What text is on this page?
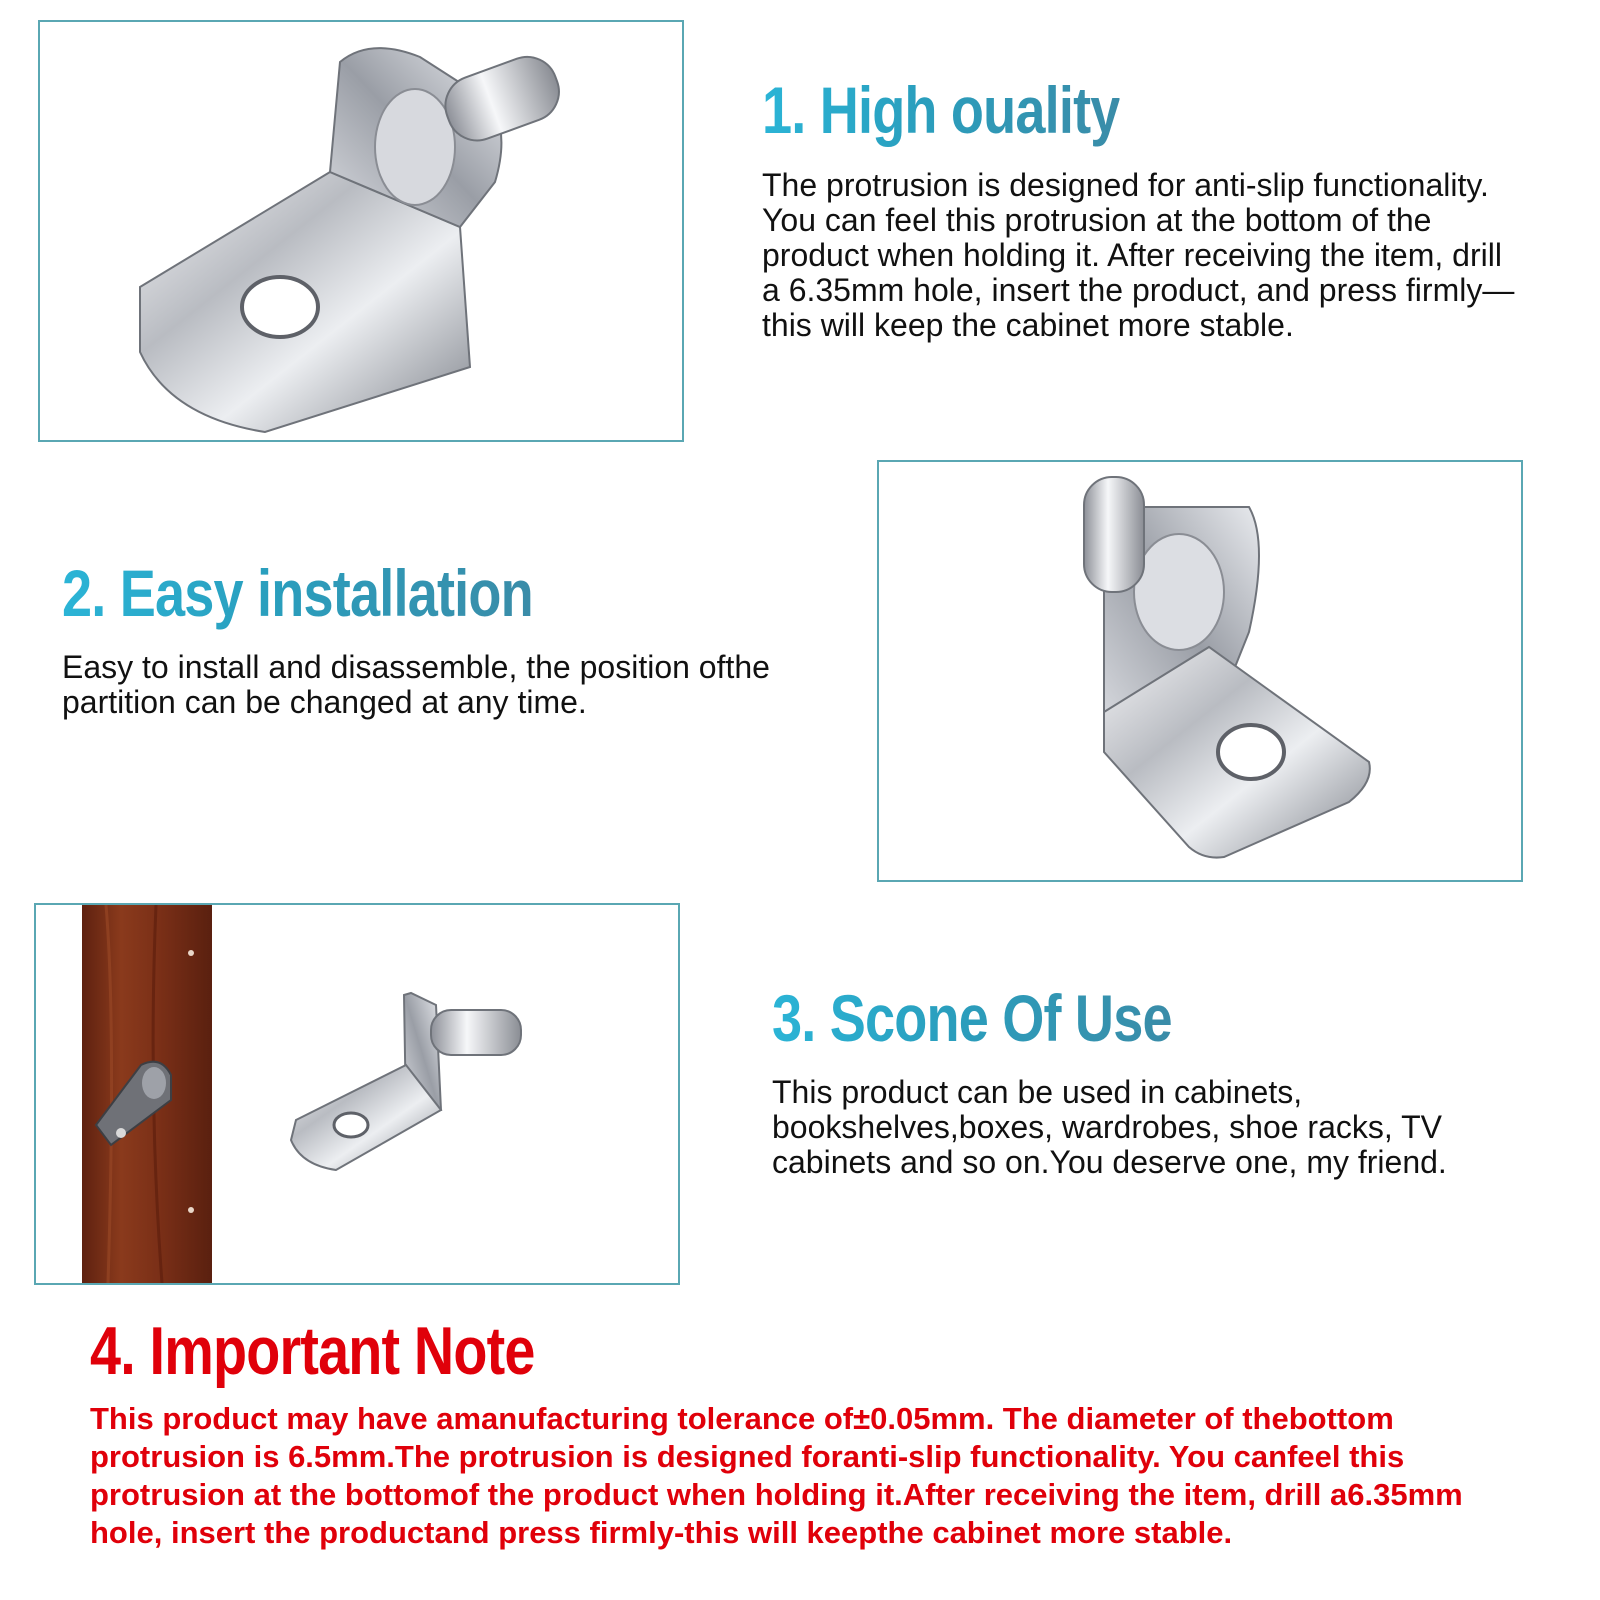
1. High ouality

The protrusion is designed for anti-slip functionality. You can feel this protrusion at the bottom of the product when holding it. After receiving the item, drill a 6.35mm hole, insert the product, and press firmly—this will keep the cabinet more stable.

2. Easy installation

Easy to install and disassemble, the position ofthe partition can be changed at any time.

3. Scone Of Use

This product can be used in cabinets, bookshelves,boxes, wardrobes, shoe racks, TV cabinets and so on.You deserve one, my friend.

4. Important Note

This product may have amanufacturing tolerance of±0.05mm. The diameter of thebottom protrusion is 6.5mm.The protrusion is designed foranti-slip functionality. You canfeel this protrusion at the bottomof the product when holding it.After receiving the item, drill a6.35mm hole, insert the productand press firmly-this will keepthe cabinet more stable.
